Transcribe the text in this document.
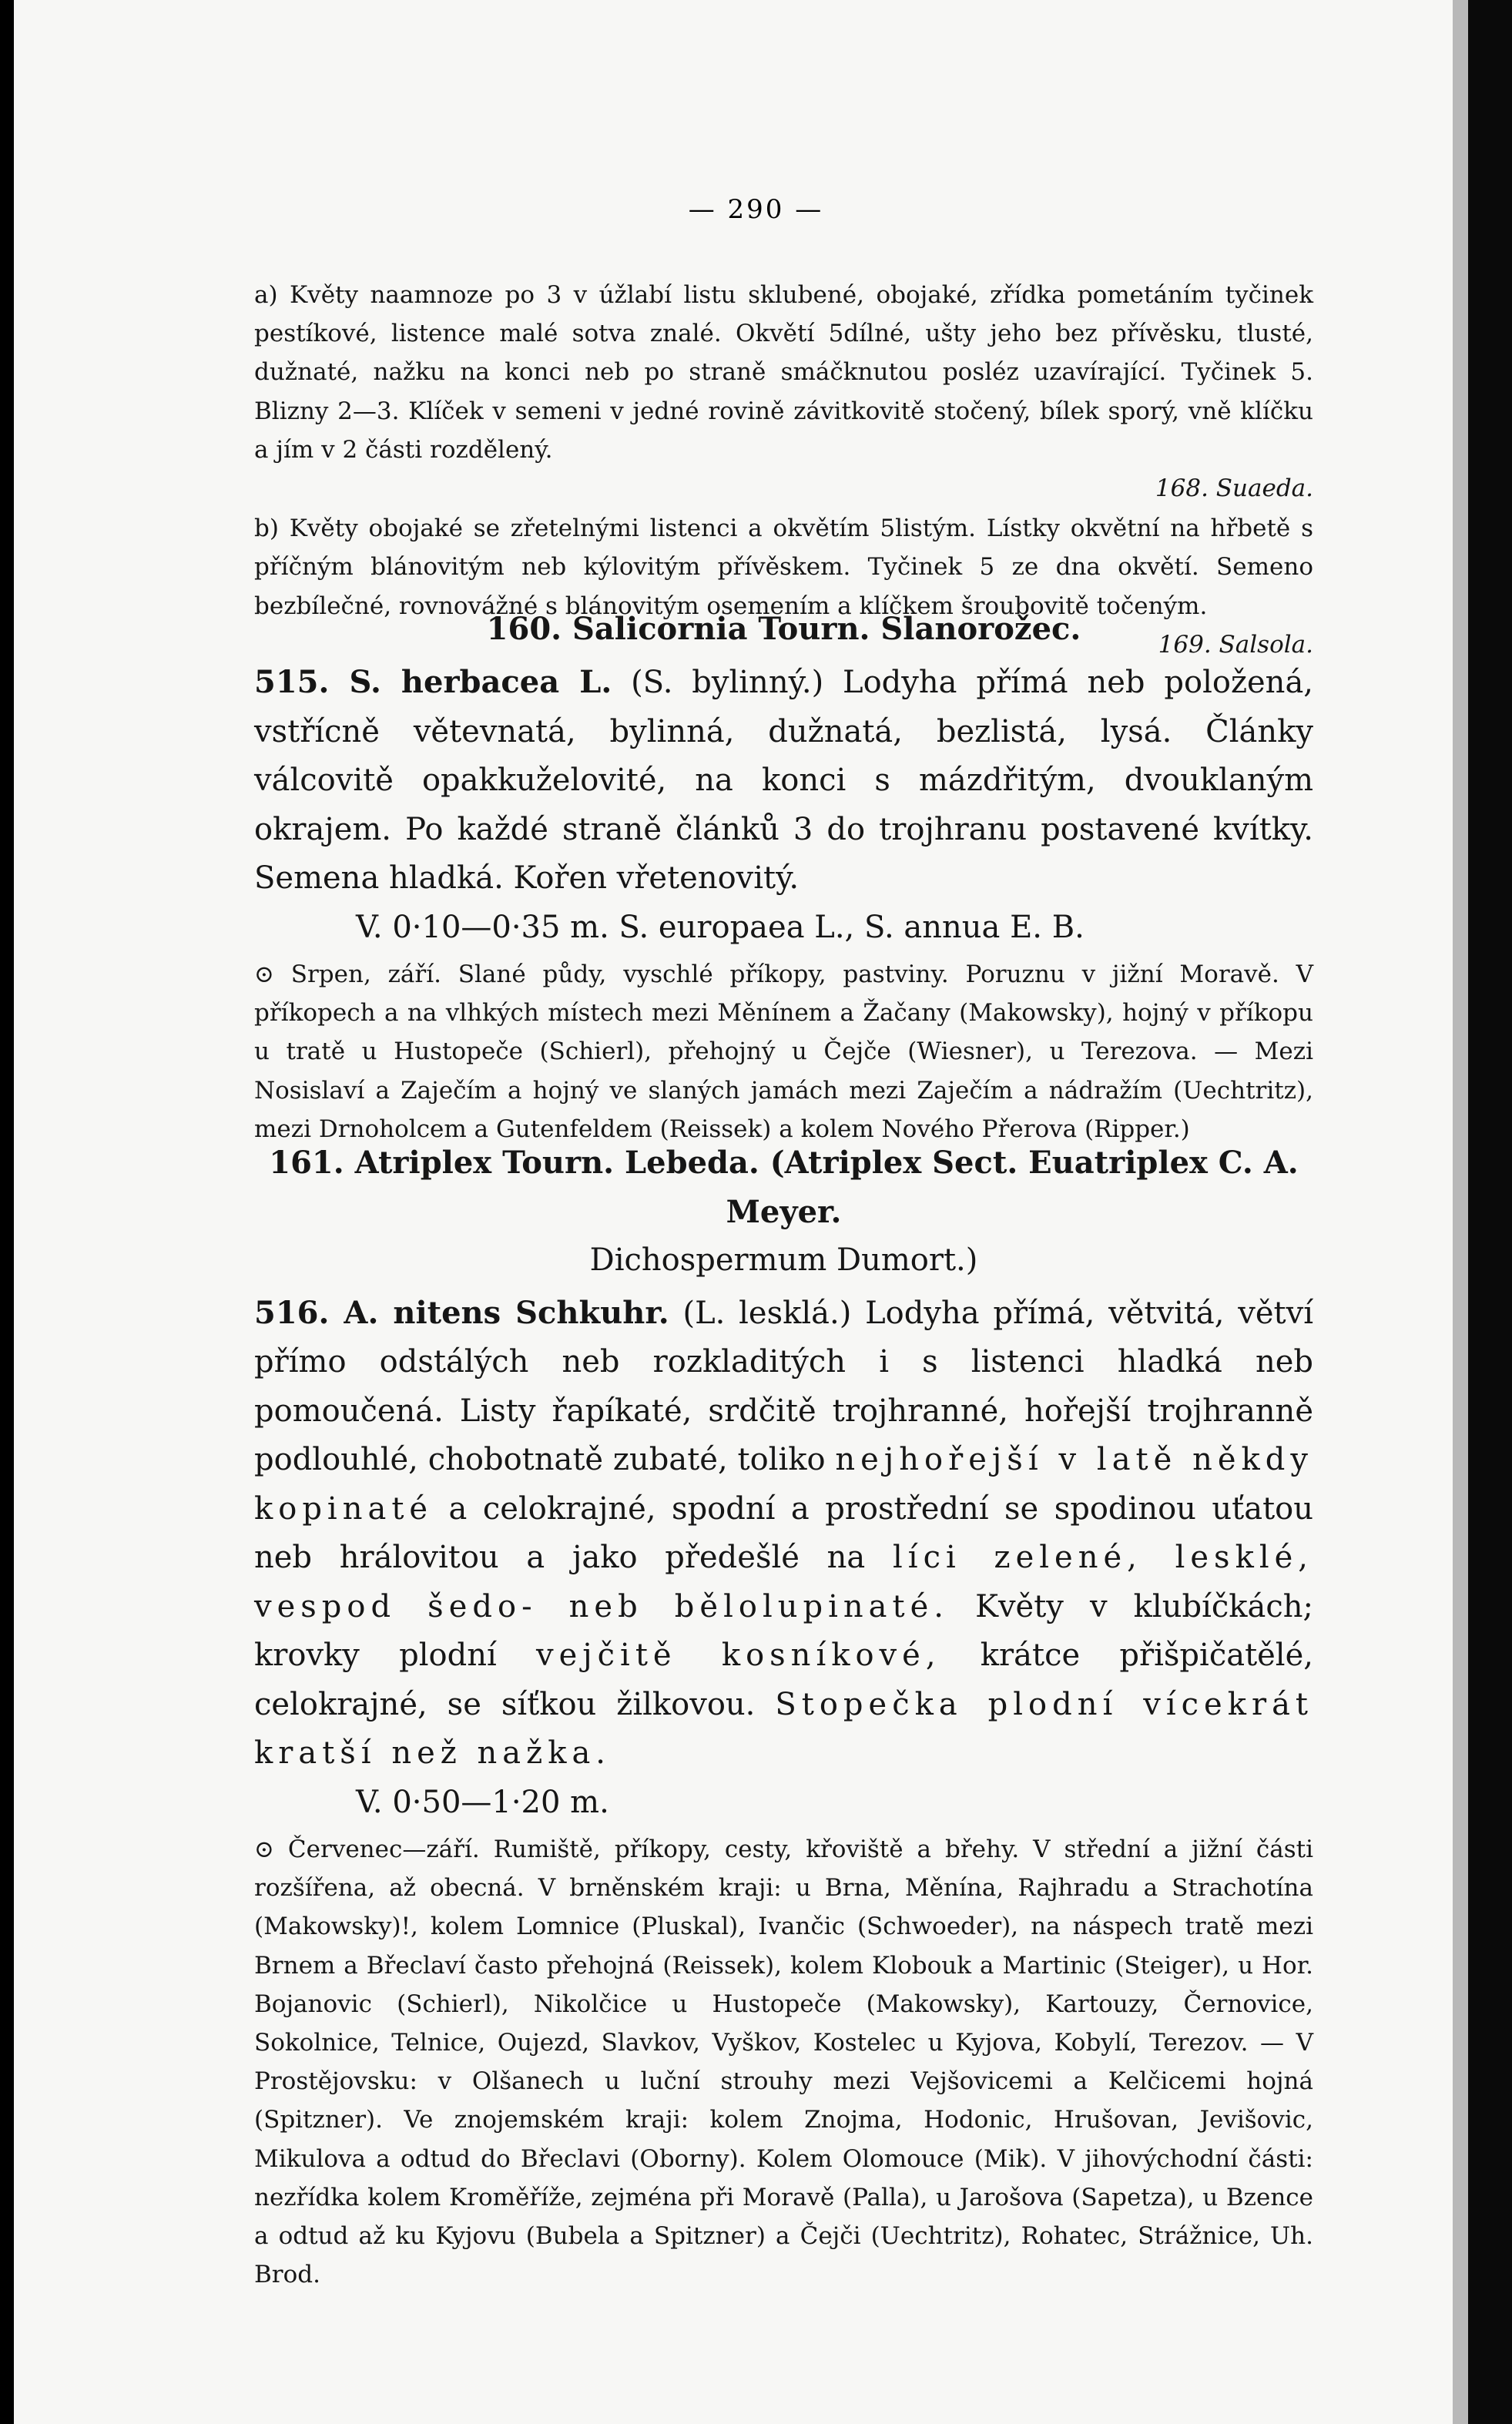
— 290 —

a) Květy naamnoze po 3 v úžlabí listu sklubené, obojaké, zřídka pometáním tyčinek pestíkové, listence malé sotva znalé. Okvětí 5dílné, ušty jeho bez přívěsku, tlusté, dužnaté, nažku na konci neb po straně smáčknutou posléz uzavírající. Tyčinek 5. Blizny 2—3. Klíček v semeni v jedné rovině závitkovitě stočený, bílek sporý, vně klíčku a jím v 2 části rozdělený.

168. Suaeda.

b) Květy obojaké se zřetelnými listenci a okvětím 5listým. Lístky okvětní na hřbetě s příčným blánovitým neb kýlovitým přívěskem. Tyčinek 5 ze dna okvětí. Semeno bezbílečné, rovnovážné s blánovitým osemením a klíčkem šroubovitě točeným.

169. Salsola.

160. Salicornia Tourn. Slanorožec.

515. S. herbacea L. (S. bylinný.) Lodyha přímá neb položená, vstřícně větevnatá, bylinná, dužnatá, bezlistá, lysá. Články válcovitě opakkuželovité, na konci s mázdřitým, dvouklaným okrajem. Po každé straně článků 3 do trojhranu postavené kvítky. Semena hladká. Kořen vřetenovitý.

V. 0·10—0·35 m. S. europaea L., S. annua E. B.

⊙ Srpen, září. Slané půdy, vyschlé příkopy, pastviny. Poruznu v jižní Moravě. V příkopech a na vlhkých místech mezi Měnínem a Žačany (Makowsky), hojný v příkopu u tratě u Hustopeče (Schierl), přehojný u Čejče (Wiesner), u Terezova. — Mezi Nosislaví a Zaječím a hojný ve slaných jamách mezi Zaječím a nádražím (Uechtritz), mezi Drnoholcem a Gutenfeldem (Reissek) a kolem Nového Přerova (Ripper.)

161. Atriplex Tourn. Lebeda. (Atriplex Sect. Euatriplex C. A. Meyer.

Dichospermum Dumort.)

516. A. nitens Schkuhr. (L. lesklá.) Lodyha přímá, větvitá, větví přímo odstálých neb rozkladitých i s listenci hladká neb pomoučená. Listy řapíkaté, srdčitě trojhranné, hořejší trojhranně podlouhlé, chobotnatě zubaté, toliko nejhořejší v latě někdy kopinaté a celokrajné, spodní a prostřední se spodinou uťatou neb hrálovitou a jako předešlé na líci zelené, lesklé, vespod šedo- neb bělolupinaté. Květy v klubíčkách; krovky plodní vejčitě kosníkové, krátce přišpičatělé, celokrajné, se síťkou žilkovou. Stopečka plodní vícekrát kratší než nažka.

V. 0·50—1·20 m.

⊙ Červenec—září. Rumiště, příkopy, cesty, křoviště a břehy. V střední a jižní části rozšířena, až obecná. V brněnském kraji: u Brna, Měnína, Rajhradu a Strachotína (Makowsky)!, kolem Lomnice (Pluskal), Ivančic (Schwoeder), na náspech tratě mezi Brnem a Břeclaví často přehojná (Reissek), kolem Klobouk a Martinic (Steiger), u Hor. Bojanovic (Schierl), Nikolčice u Hustopeče (Makowsky), Kartouzy, Černovice, Sokolnice, Telnice, Oujezd, Slavkov, Vyškov, Kostelec u Kyjova, Kobylí, Terezov. — V Prostějovsku: v Olšanech u luční strouhy mezi Vejšovicemi a Kelčicemi hojná (Spitzner). Ve znojemském kraji: kolem Znojma, Hodonic, Hrušovan, Jevišovic, Mikulova a odtud do Břeclavi (Oborny). Kolem Olomouce (Mik). V jihovýchodní části: nezřídka kolem Kroměříže, zejména při Moravě (Palla), u Jarošova (Sapetza), u Bzence a odtud až ku Kyjovu (Bubela a Spitzner) a Čejči (Uechtritz), Rohatec, Strážnice, Uh. Brod.
